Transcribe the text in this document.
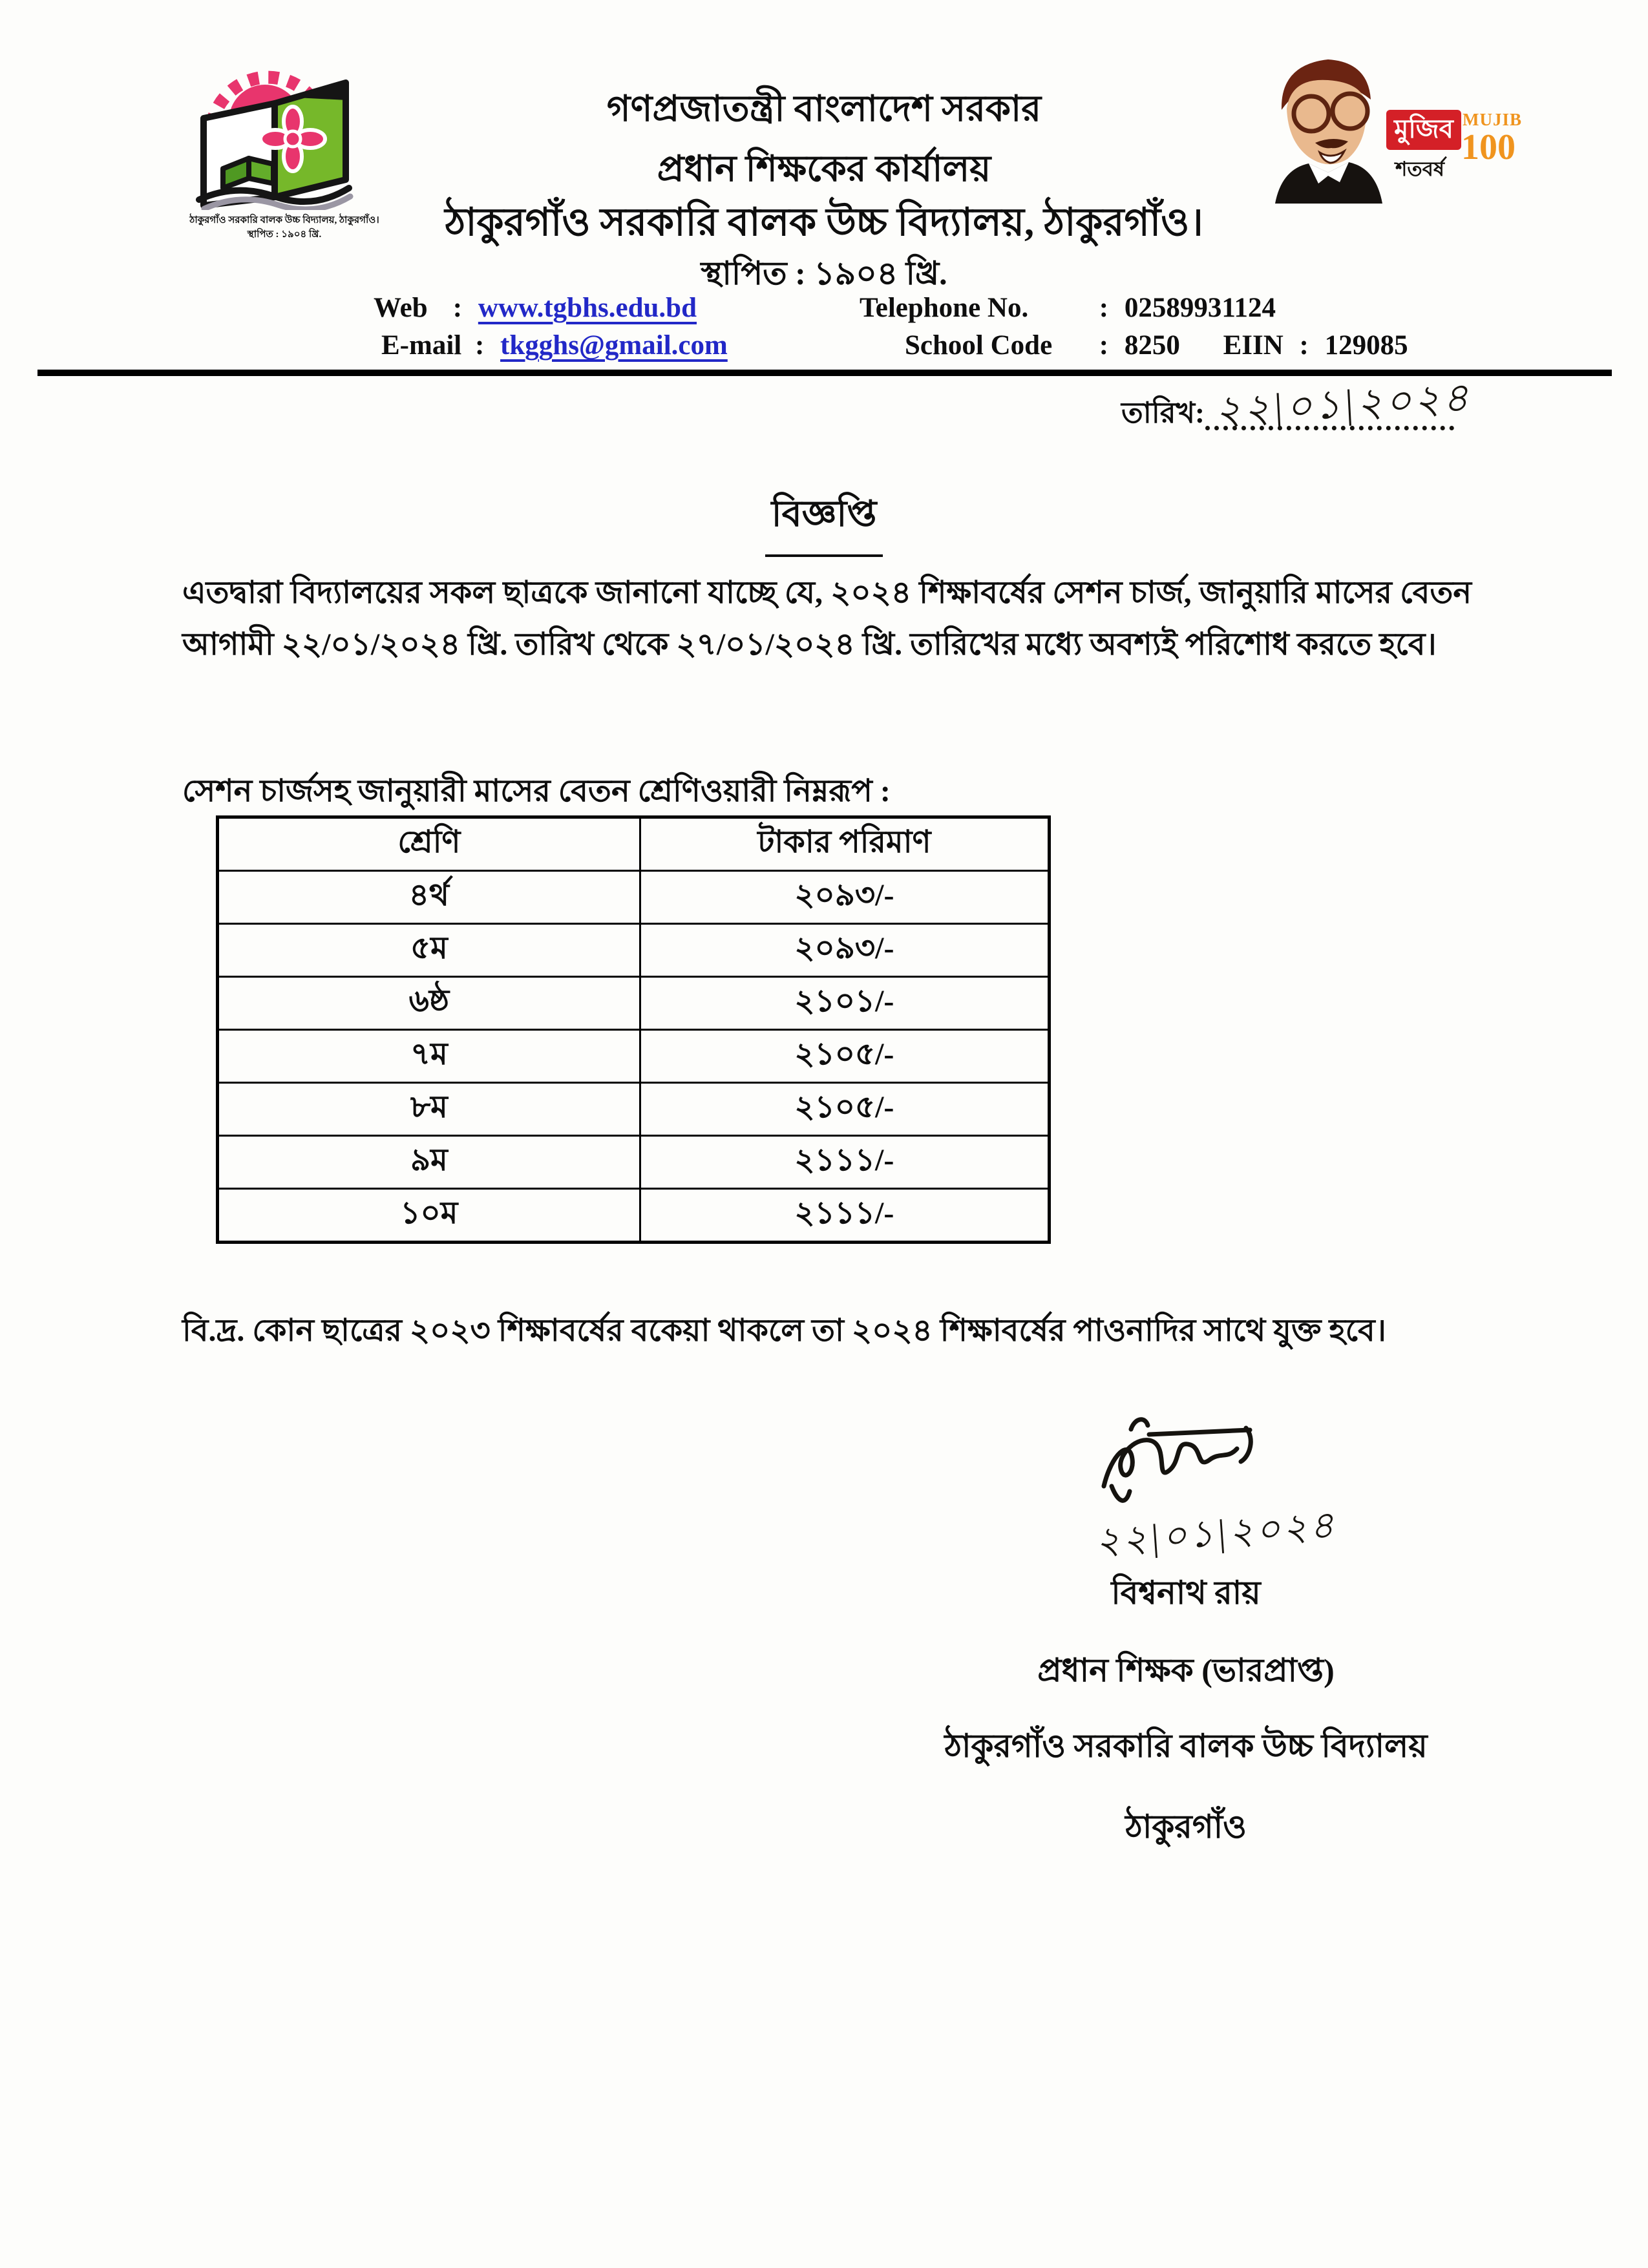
ঠাকুরগাঁও সরকারি বালক উচ্চ বিদ্যালয়, ঠাকুরগাঁও।
স্থাপিত : ১৯০৪ খ্রি.
মুজিব
শতবর্ষ
MUJIB
100
গণপ্রজাতন্ত্রী বাংলাদেশ সরকার
প্রধান শিক্ষকের কার্যালয়
ঠাকুরগাঁও সরকারি বালক উচ্চ বিদ্যালয়, ঠাকুরগাঁও।
স্থাপিত : ১৯০৪ খ্রি.
Web : www.tgbhs.edu.bd	Telephone No.	: 02589931124
E-mail : tkgghs@gmail.com	School Code : 8250 EIIN : 129085
তারিখ: ২২|০১|২০২৪
বিজ্ঞপ্তি
এতদ্বারা বিদ্যালয়ের সকল ছাত্রকে জানানো যাচ্ছে যে, ২০২৪ শিক্ষাবর্ষের সেশন চার্জ, জানুয়ারি মাসের বেতন আগামী ২২/০১/২০২৪ খ্রি. তারিখ থেকে ২৭/০১/২০২৪ খ্রি. তারিখের মধ্যে অবশ্যই পরিশোধ করতে হবে।
সেশন চার্জসহ জানুয়ারী মাসের বেতন শ্রেণিওয়ারী নিম্নরূপ :
শ্রেণি	টাকার পরিমাণ
৪র্থ	২০৯৩/-
৫ম	২০৯৩/-
৬ষ্ঠ	২১০১/-
৭ম	২১০৫/-
৮ম	২১০৫/-
৯ম	২১১১/-
১০ম	২১১১/-
বি.দ্র. কোন ছাত্রের ২০২৩ শিক্ষাবর্ষের বকেয়া থাকলে তা ২০২৪ শিক্ষাবর্ষের পাওনাদির সাথে যুক্ত হবে।
২২|০১|২০২৪
বিশ্বনাথ রায়
প্রধান শিক্ষক (ভারপ্রাপ্ত)
ঠাকুরগাঁও সরকারি বালক উচ্চ বিদ্যালয়
ঠাকুরগাঁও
